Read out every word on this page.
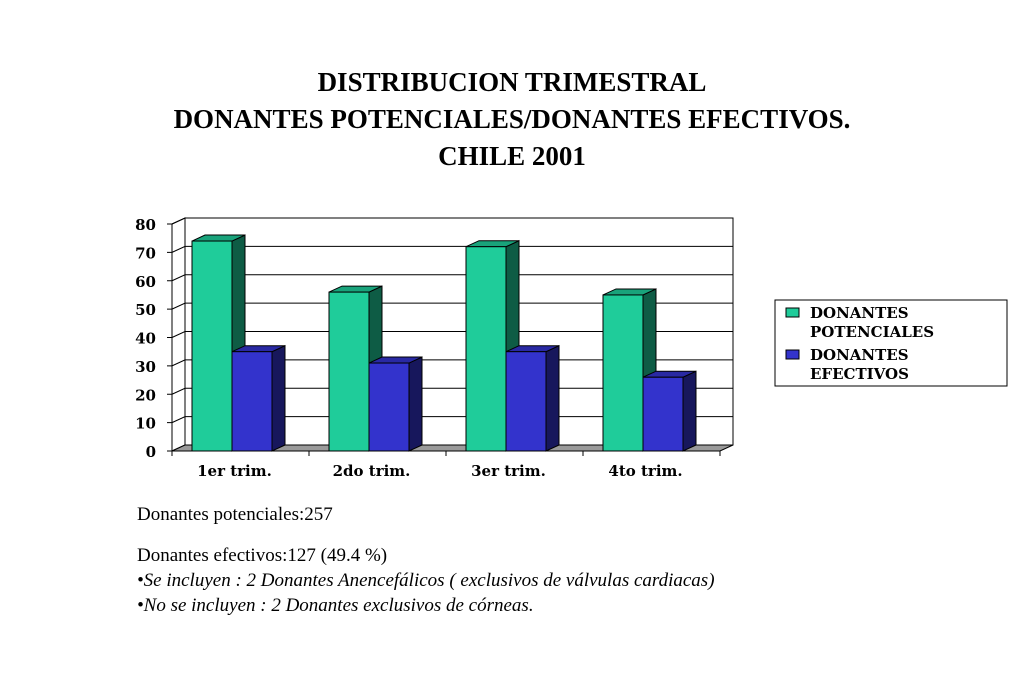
DISTRIBUCION TRIMESTRAL
DONANTES POTENCIALES/DONANTES EFECTIVOS.
CHILE 2001
0
10
20
30
40
50
60
70
80
1er trim.	2do trim.	3er trim.	4to trim.
DONANTES
POTENCIALES
DONANTES
EFECTIVOS

Donantes potenciales:257

Donantes efectivos:127 (49.4 %)

•Se incluyen : 2 Donantes Anencefálicos ( exclusivos de válvulas cardiacas)

•No se incluyen : 2 Donantes exclusivos de córneas.
